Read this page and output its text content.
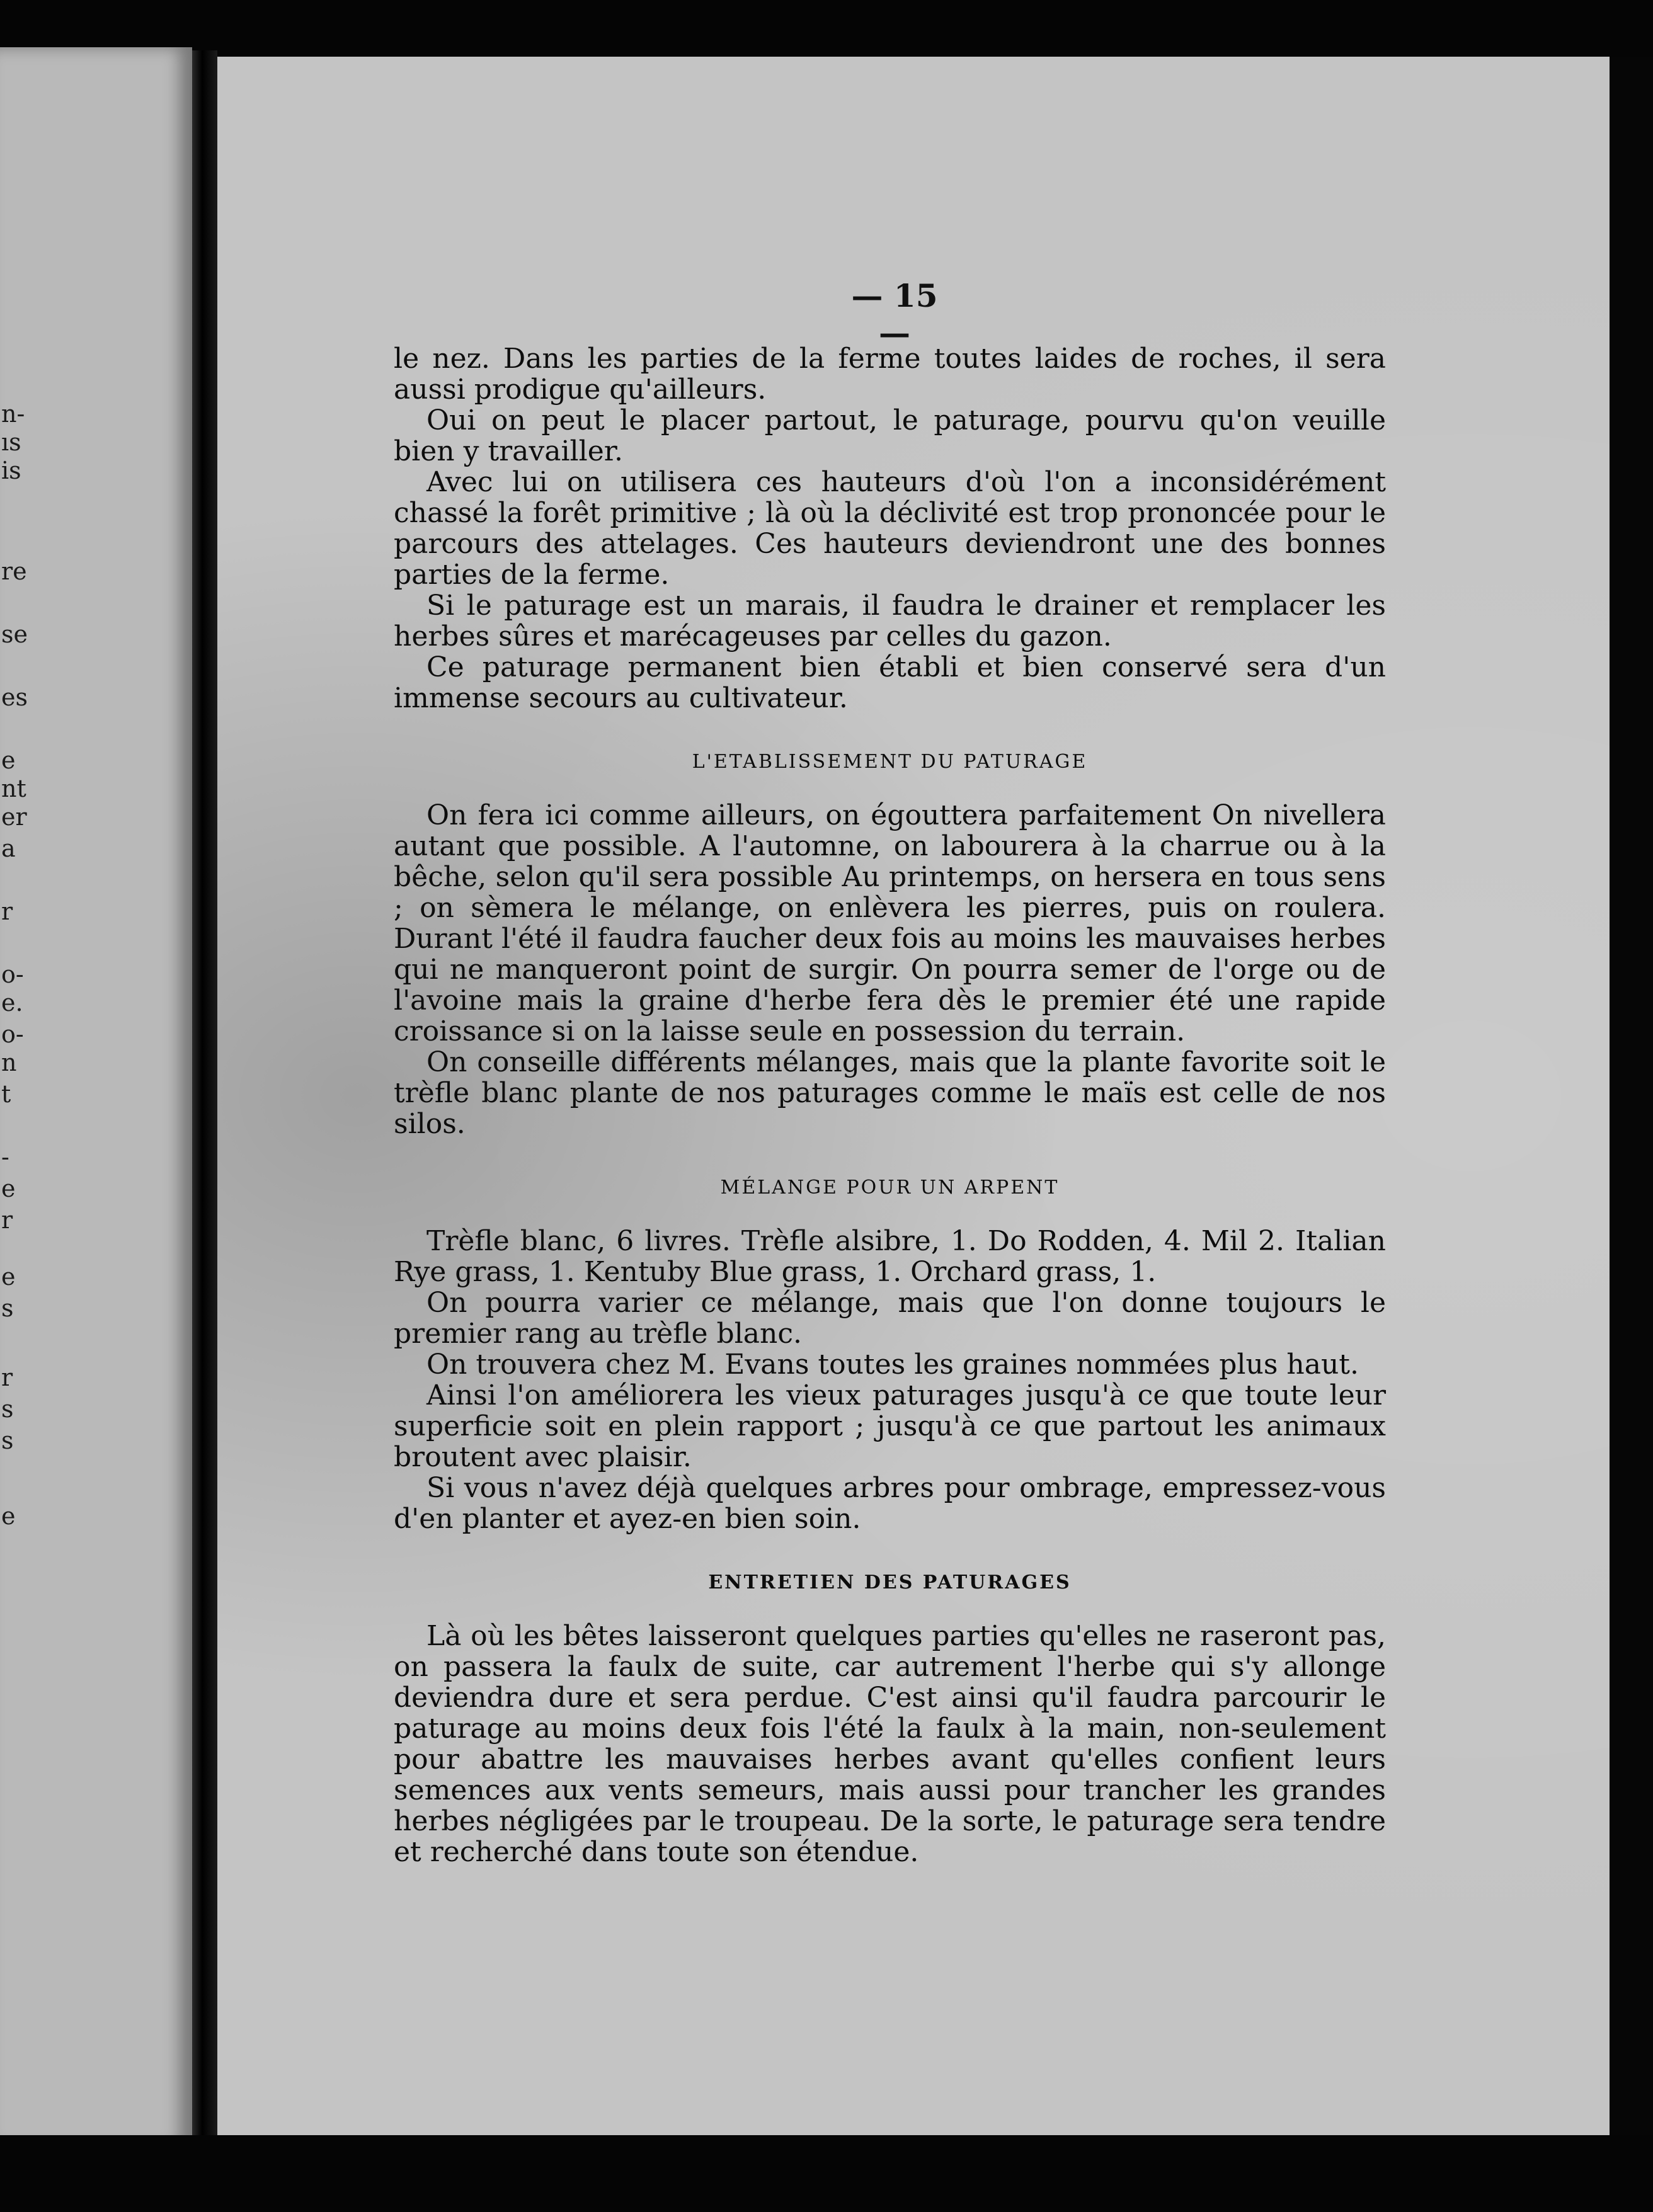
n-
ıs
is
re
se
es
e
nt
er
a
r
o-
e.
o-
n
t
-
e
r
e
s
r
s
s
e
— 15 —

le nez. Dans les parties de la ferme toutes laides de roches, il sera aussi prodigue qu'ailleurs.

Oui on peut le placer partout, le paturage, pourvu qu'on veuille bien y travailler.

Avec lui on utilisera ces hauteurs d'où l'on a inconsidérément chassé la forêt primitive ; là où la déclivité est trop prononcée pour le parcours des attelages. Ces hauteurs deviendront une des bonnes parties de la ferme.

Si le paturage est un marais, il faudra le drainer et remplacer les herbes sûres et marécageuses par celles du gazon.

Ce paturage permanent bien établi et bien conservé sera d'un immense secours au cultivateur.

L'ETABLISSEMENT DU PATURAGE

On fera ici comme ailleurs, on égouttera parfaitement On nivellera autant que possible. A l'automne, on labourera à la charrue ou à la bêche, selon qu'il sera possible Au printemps, on hersera en tous sens ; on sèmera le mélange, on enlèvera les pierres, puis on roulera. Durant l'été il faudra faucher deux fois au moins les mauvaises herbes qui ne manqueront point de surgir. On pourra semer de l'orge ou de l'avoine mais la graine d'herbe fera dès le premier été une rapide croissance si on la laisse seule en possession du terrain.

On conseille différents mélanges, mais que la plante favorite soit le trèfle blanc plante de nos paturages comme le maïs est celle de nos silos.

MÉLANGE POUR UN ARPENT

Trèfle blanc, 6 livres. Trèfle alsibre, 1. Do Rodden, 4. Mil 2. Italian Rye grass, 1. Kentuby Blue grass, 1. Orchard grass, 1.

On pourra varier ce mélange, mais que l'on donne toujours le premier rang au trèfle blanc.

On trouvera chez M. Evans toutes les graines nommées plus haut.

Ainsi l'on améliorera les vieux paturages jusqu'à ce que toute leur superficie soit en plein rapport ; jusqu'à ce que partout les animaux broutent avec plaisir.

Si vous n'avez déjà quelques arbres pour ombrage, empressez-vous d'en planter et ayez-en bien soin.

ENTRETIEN DES PATURAGES

Là où les bêtes laisseront quelques parties qu'elles ne raseront pas, on passera la faulx de suite, car autrement l'herbe qui s'y allonge deviendra dure et sera perdue. C'est ainsi qu'il faudra parcourir le paturage au moins deux fois l'été la faulx à la main, non-seulement pour abattre les mauvaises herbes avant qu'elles confient leurs semences aux vents semeurs, mais aussi pour trancher les grandes herbes négligées par le troupeau. De la sorte, le paturage sera tendre et recherché dans toute son étendue.
